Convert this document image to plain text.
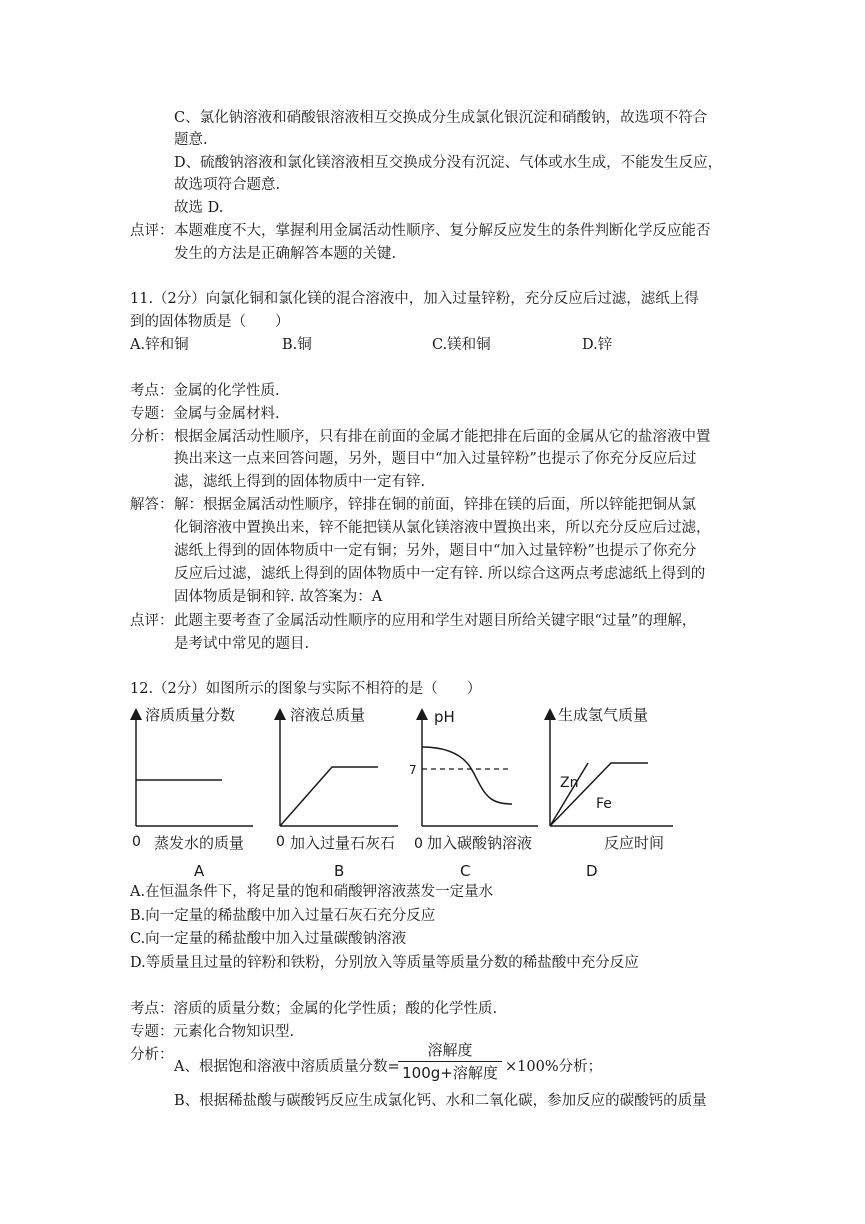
C、氯化钠溶液和硝酸银溶液相互交换成分生成氯化银沉淀和硝酸钠，故选项不符合
题意.
D、硫酸钠溶液和氯化镁溶液相互交换成分没有沉淀、气体或水生成，不能发生反应，
故选项符合题意.
故选 D.
点评： 本题难度不大，掌握利用金属活动性顺序、复分解反应发生的条件判断化学反应能否
发生的方法是正确解答本题的关键.
11.（2分）向氯化铜和氯化镁的混合溶液中，加入过量锌粉，充分反应后过滤，滤纸上得
到的固体物质是（　　）
A.锌和铜	B.铜	C.镁和铜	D.锌
考点：金属的化学性质.
专题：金属与金属材料.
分析： 根据金属活动性顺序，只有排在前面的金属才能把排在后面的金属从它的盐溶液中置
换出来这一点来回答问题，另外，题目中“加入过量锌粉”也提示了你充分反应后过
滤，滤纸上得到的固体物质中一定有锌.
解答： 解：根据金属活动性顺序，锌排在铜的前面，锌排在镁的后面，所以锌能把铜从氯
化铜溶液中置换出来，锌不能把镁从氯化镁溶液中置换出来，所以充分反应后过滤，
滤纸上得到的固体物质中一定有铜；另外，题目中“加入过量锌粉”也提示了你充分
反应后过滤，滤纸上得到的固体物质中一定有锌. 所以综合这两点考虑滤纸上得到的
固体物质是铜和锌. 故答案为：A
点评： 此题主要考查了金属活动性顺序的应用和学生对题目所给关键字眼“过量”的理解，
是考试中常见的题目.
12.（2分）如图所示的图象与实际不相符的是（　　）
溶质质量分数
0 蒸发水的质量
A
溶液总质量
0 加入过量石灰石
B
pH
7
0 加入碳酸钠溶液
C
生成氢气质量
Zn
Fe
反应时间
D
A.在恒温条件下，将足量的饱和硝酸钾溶液蒸发一定量水
B.向一定量的稀盐酸中加入过量石灰石充分反应
C.向一定量的稀盐酸中加入过量碳酸钠溶液
D.等质量且过量的锌粉和铁粉，分别放入等质量等质量分数的稀盐酸中充分反应
考点：溶质的质量分数；金属的化学性质；酸的化学性质.
专题：元素化合物知识型.
分析：
A、根据饱和溶液中溶质质量分数=
溶解度
100g+溶解度 ×100%分析；
B、根据稀盐酸与碳酸钙反应生成氯化钙、水和二氧化碳，参加反应的碳酸钙的质量
